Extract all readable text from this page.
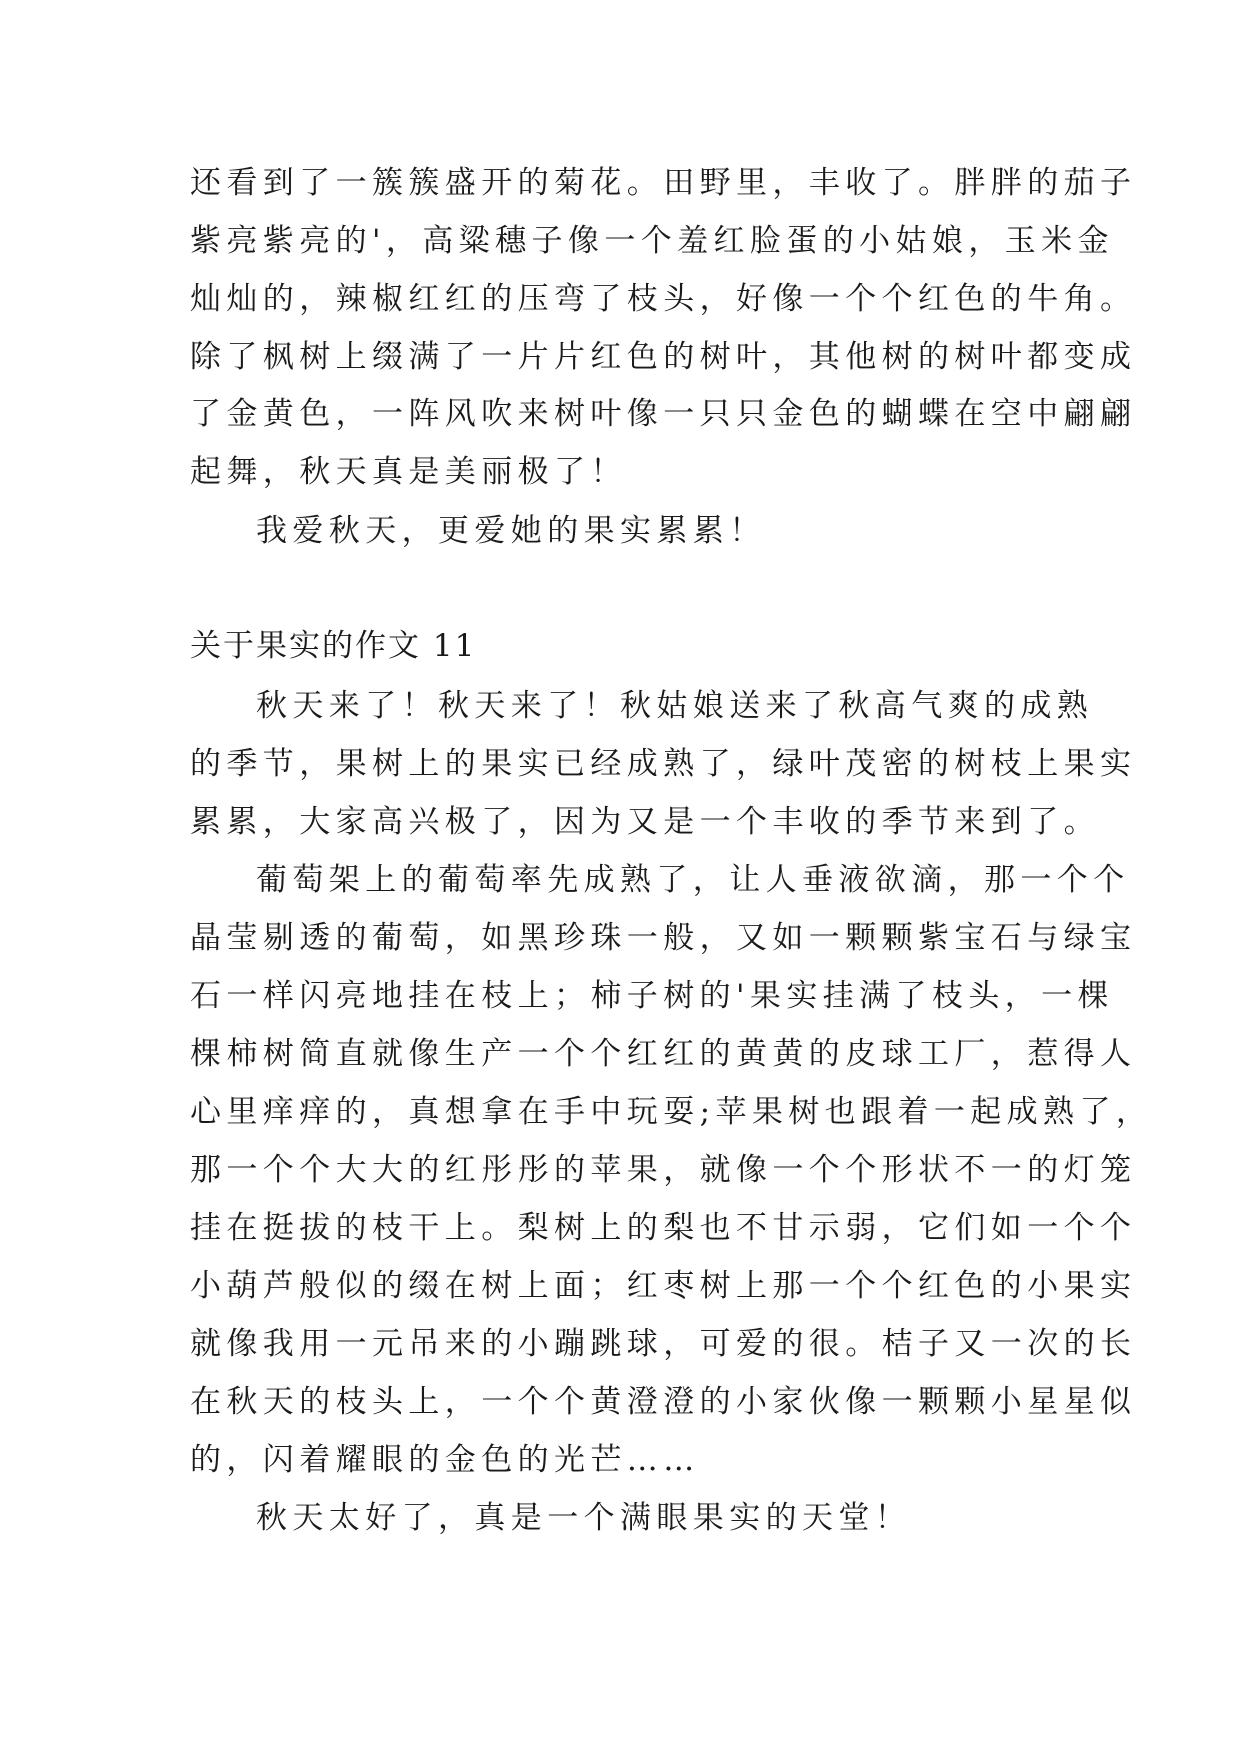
还看到了一簇簇盛开的菊花。田野里，丰收了。胖胖的茄子
紫亮紫亮的'，高粱穗子像一个羞红脸蛋的小姑娘，玉米金
灿灿的，辣椒红红的压弯了枝头，好像一个个红色的牛角。
除了枫树上缀满了一片片红色的树叶，其他树的树叶都变成
了金黄色，一阵风吹来树叶像一只只金色的蝴蝶在空中翩翩
起舞，秋天真是美丽极了！
我爱秋天，更爱她的果实累累！
关于果实的作文 11
秋天来了！秋天来了！秋姑娘送来了秋高气爽的成熟
的季节，果树上的果实已经成熟了，绿叶茂密的树枝上果实
累累，大家高兴极了，因为又是一个丰收的季节来到了。
葡萄架上的葡萄率先成熟了，让人垂液欲滴，那一个个
晶莹剔透的葡萄，如黑珍珠一般，又如一颗颗紫宝石与绿宝
石一样闪亮地挂在枝上；柿子树的'果实挂满了枝头，一棵
棵柿树简直就像生产一个个红红的黄黄的皮球工厂，惹得人
心里痒痒的，真想拿在手中玩耍;苹果树也跟着一起成熟了，
那一个个大大的红彤彤的苹果，就像一个个形状不一的灯笼
挂在挺拔的枝干上。梨树上的梨也不甘示弱，它们如一个个
小葫芦般似的缀在树上面；红枣树上那一个个红色的小果实
就像我用一元吊来的小蹦跳球，可爱的很。桔子又一次的长
在秋天的枝头上，一个个黄澄澄的小家伙像一颗颗小星星似
的，闪着耀眼的金色的光芒……
秋天太好了，真是一个满眼果实的天堂！
